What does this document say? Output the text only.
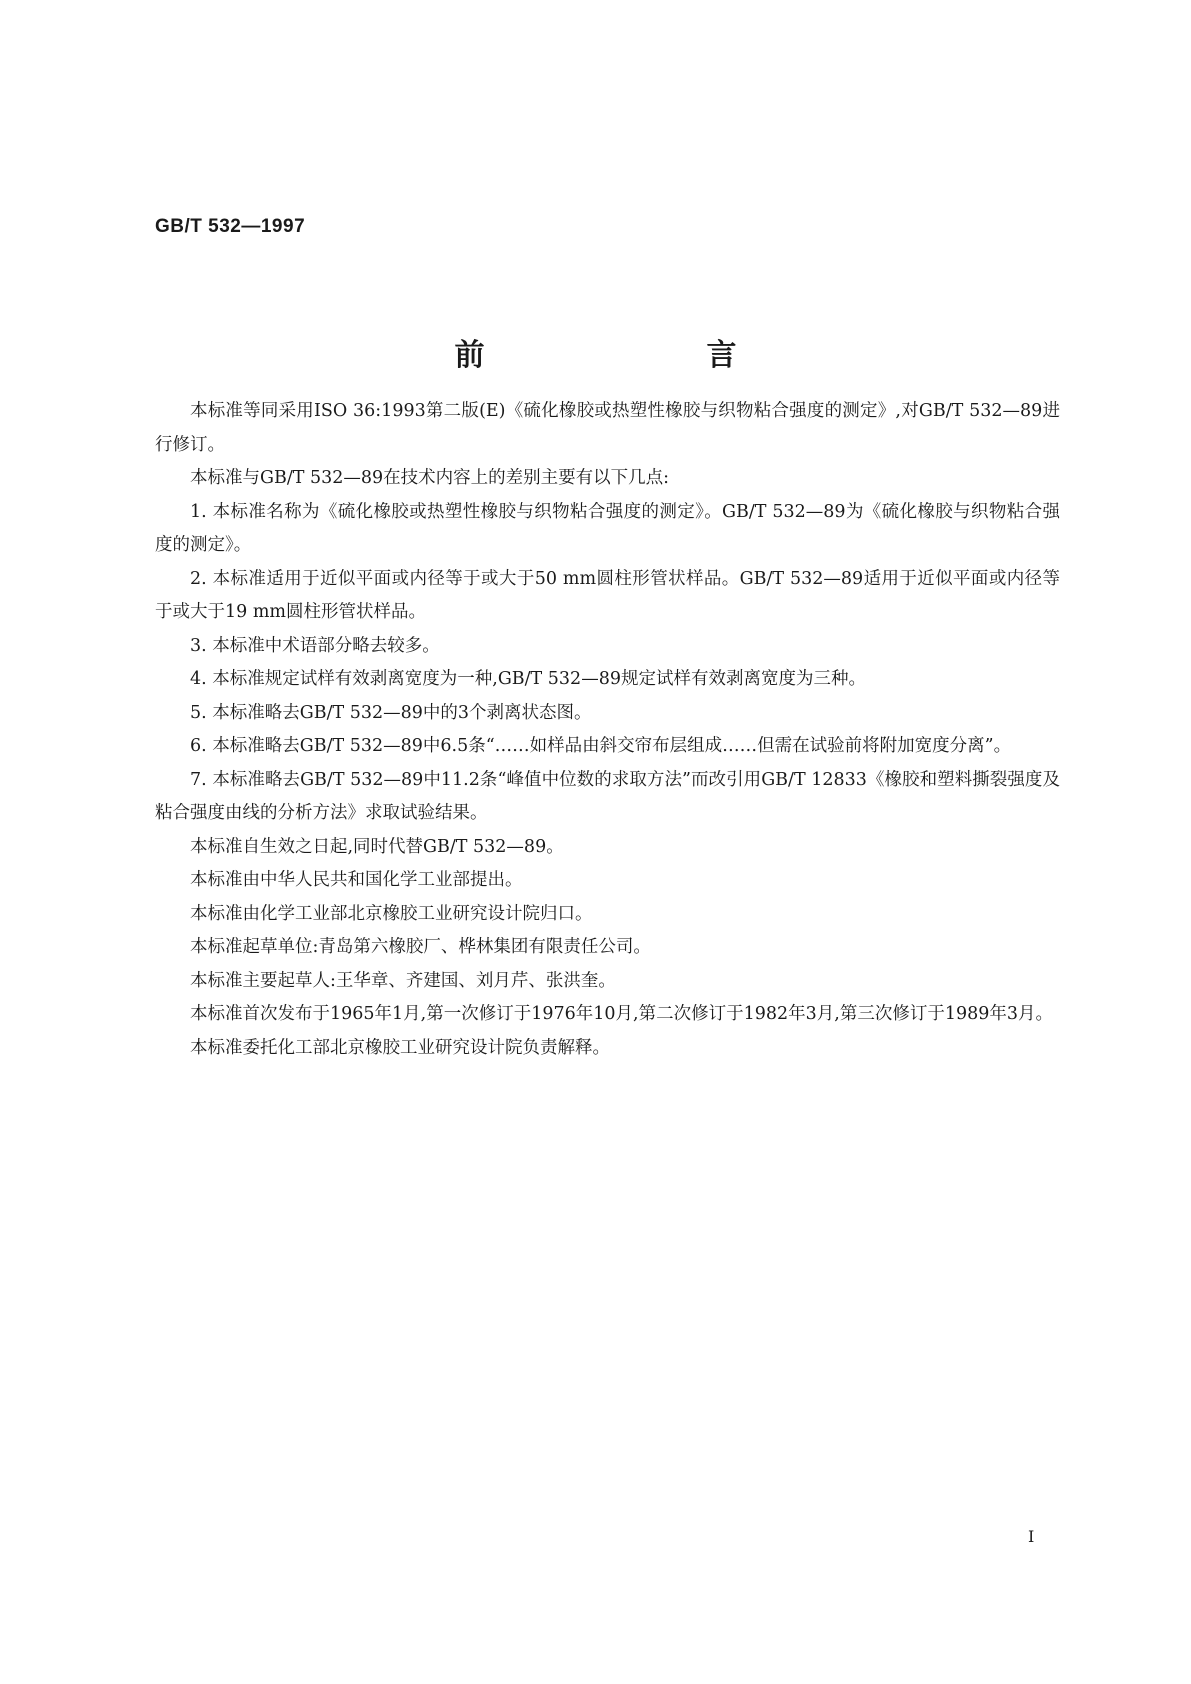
GB/T 532—1997
前　言

本标准等同采用ISO 36:1993第二版(E)《硫化橡胶或热塑性橡胶与织物粘合强度的测定》,对GB/T 532—89进行修订。

本标准与GB/T 532—89在技术内容上的差别主要有以下几点:

1. 本标准名称为《硫化橡胶或热塑性橡胶与织物粘合强度的测定》。GB/T 532—89为《硫化橡胶与织物粘合强度的测定》。

2. 本标准适用于近似平面或内径等于或大于50 mm圆柱形管状样品。GB/T 532—89适用于近似平面或内径等于或大于19 mm圆柱形管状样品。

3. 本标准中术语部分略去较多。

4. 本标准规定试样有效剥离宽度为一种,GB/T 532—89规定试样有效剥离宽度为三种。

5. 本标准略去GB/T 532—89中的3个剥离状态图。

6. 本标准略去GB/T 532—89中6.5条“……如样品由斜交帘布层组成……但需在试验前将附加宽度分离”。

7. 本标准略去GB/T 532—89中11.2条“峰值中位数的求取方法”而改引用GB/T 12833《橡胶和塑料撕裂强度及粘合强度由线的分析方法》求取试验结果。

本标准自生效之日起,同时代替GB/T 532—89。

本标准由中华人民共和国化学工业部提出。

本标准由化学工业部北京橡胶工业研究设计院归口。

本标准起草单位:青岛第六橡胶厂、桦林集团有限责任公司。

本标准主要起草人:王华章、齐建国、刘月芹、张洪奎。

本标准首次发布于1965年1月,第一次修订于1976年10月,第二次修订于1982年3月,第三次修订于1989年3月。

本标准委托化工部北京橡胶工业研究设计院负责解释。

I
